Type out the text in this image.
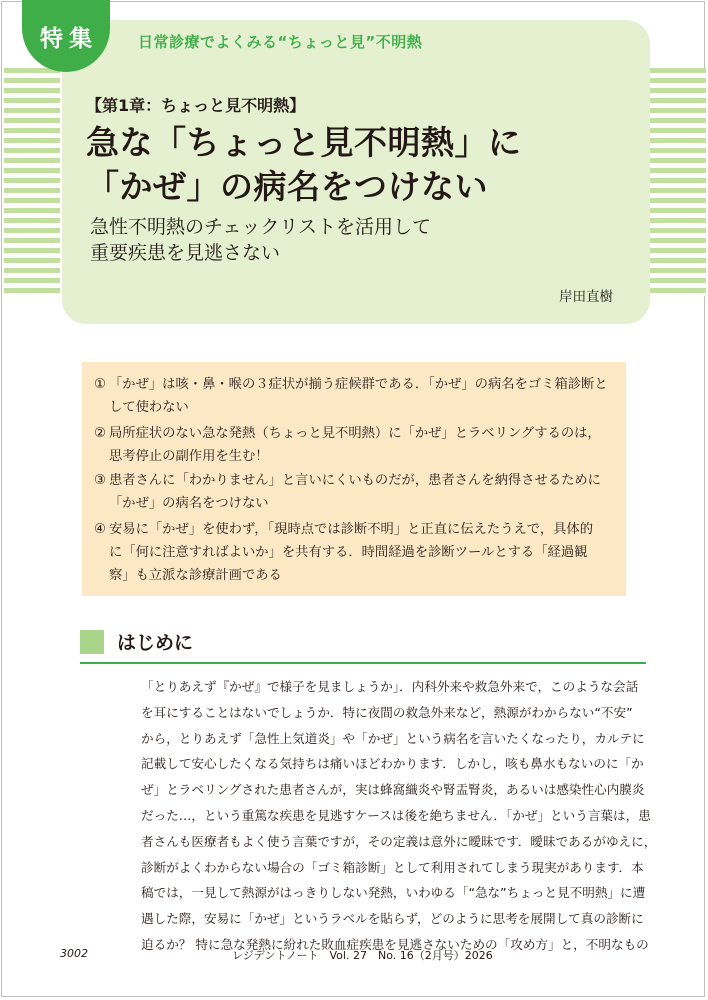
特集	日常診療でよくみる“ちょっと見”不明熱
【第1章：ちょっと見不明熱】
急な「ちょっと見不明熱」に
「かぜ」の病名をつけない
急性不明熱のチェックリストを活用して
重要疾患を見逃さない
岸田直樹
① 「かぜ」は咳・鼻・喉の３症状が揃う症候群である．「かぜ」の病名をゴミ箱診断と
して使わない
② 局所症状のない急な発熱（ちょっと見不明熱）に「かぜ」とラベリングするのは，
思考停止の副作用を生む！
③ 患者さんに「わかりません」と言いにくいものだが，患者さんを納得させるために
「かぜ」の病名をつけない
④ 安易に「かぜ」を使わず，「現時点では診断不明」と正直に伝えたうえで，具体的
に「何に注意すればよいか」を共有する．時間経過を診断ツールとする「経過観
察」も立派な診療計画である
はじめに
「とりあえず『かぜ』で様子を見ましょうか」．内科外来や救急外来で，このような会話
を耳にすることはないでしょうか．特に夜間の救急外来など，熱源がわからない“不安”
から，とりあえず「急性上気道炎」や「かぜ」という病名を言いたくなったり，カルテに
記載して安心したくなる気持ちは痛いほどわかります．しかし，咳も鼻水もないのに「か
ぜ」とラベリングされた患者さんが，実は蜂窩織炎や腎盂腎炎，あるいは感染性心内膜炎
だった…，という重篤な疾患を見逃すケースは後を絶ちません．「かぜ」という言葉は，患
者さんも医療者もよく使う言葉ですが，その定義は意外に曖昧です．曖昧であるがゆえに，
診断がよくわからない場合の「ゴミ箱診断」として利用されてしまう現実があります．本
稿では，一見して熱源がはっきりしない発熱，いわゆる「“急な”ちょっと見不明熱」に遭
遇した際，安易に「かぜ」というラベルを貼らず，どのように思考を展開して真の診断に
迫るか？ 特に急な発熱に紛れた敗血症疾患を見逃さないための「攻め方」と，不明なもの
3002	レジデントノート　Vol. 27　No. 16（2月号）2026
